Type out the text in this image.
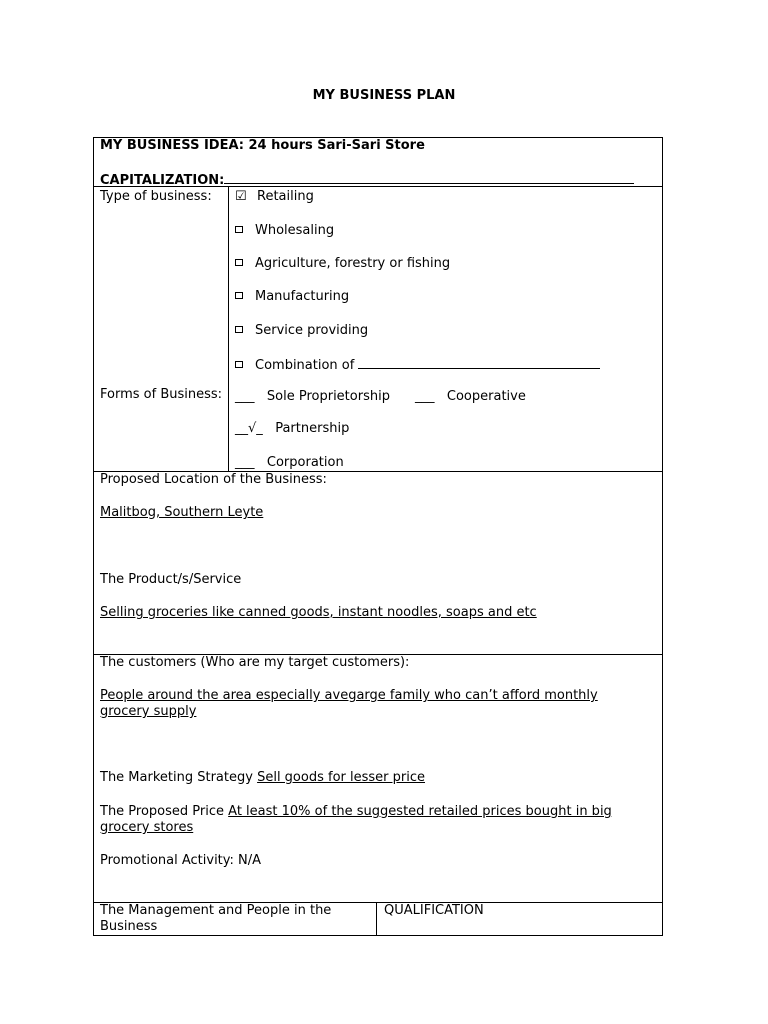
MY BUSINESS PLAN
MY BUSINESS IDEA: 24 hours Sari-Sari Store
CAPITALIZATION:
Type of business: ☑ Retailing
Wholesaling
Agriculture, forestry or fishing
Manufacturing
Service providing
Combination of
Forms of Business: ___ Sole Proprietorship ___ Cooperative
__√_ Partnership
___ Corporation
Proposed Location of the Business:
Malitbog, Southern Leyte
The Product/s/Service
Selling groceries like canned goods, instant noodles, soaps and etc
The customers (Who are my target customers):
People around the area especially avegarge family who can’t afford monthly grocery supply
The Marketing Strategy Sell goods for lesser price
The Proposed Price At least 10% of the suggested retailed prices bought in big grocery stores
Promotional Activity: N/A
The Management and People in the Business
QUALIFICATION
